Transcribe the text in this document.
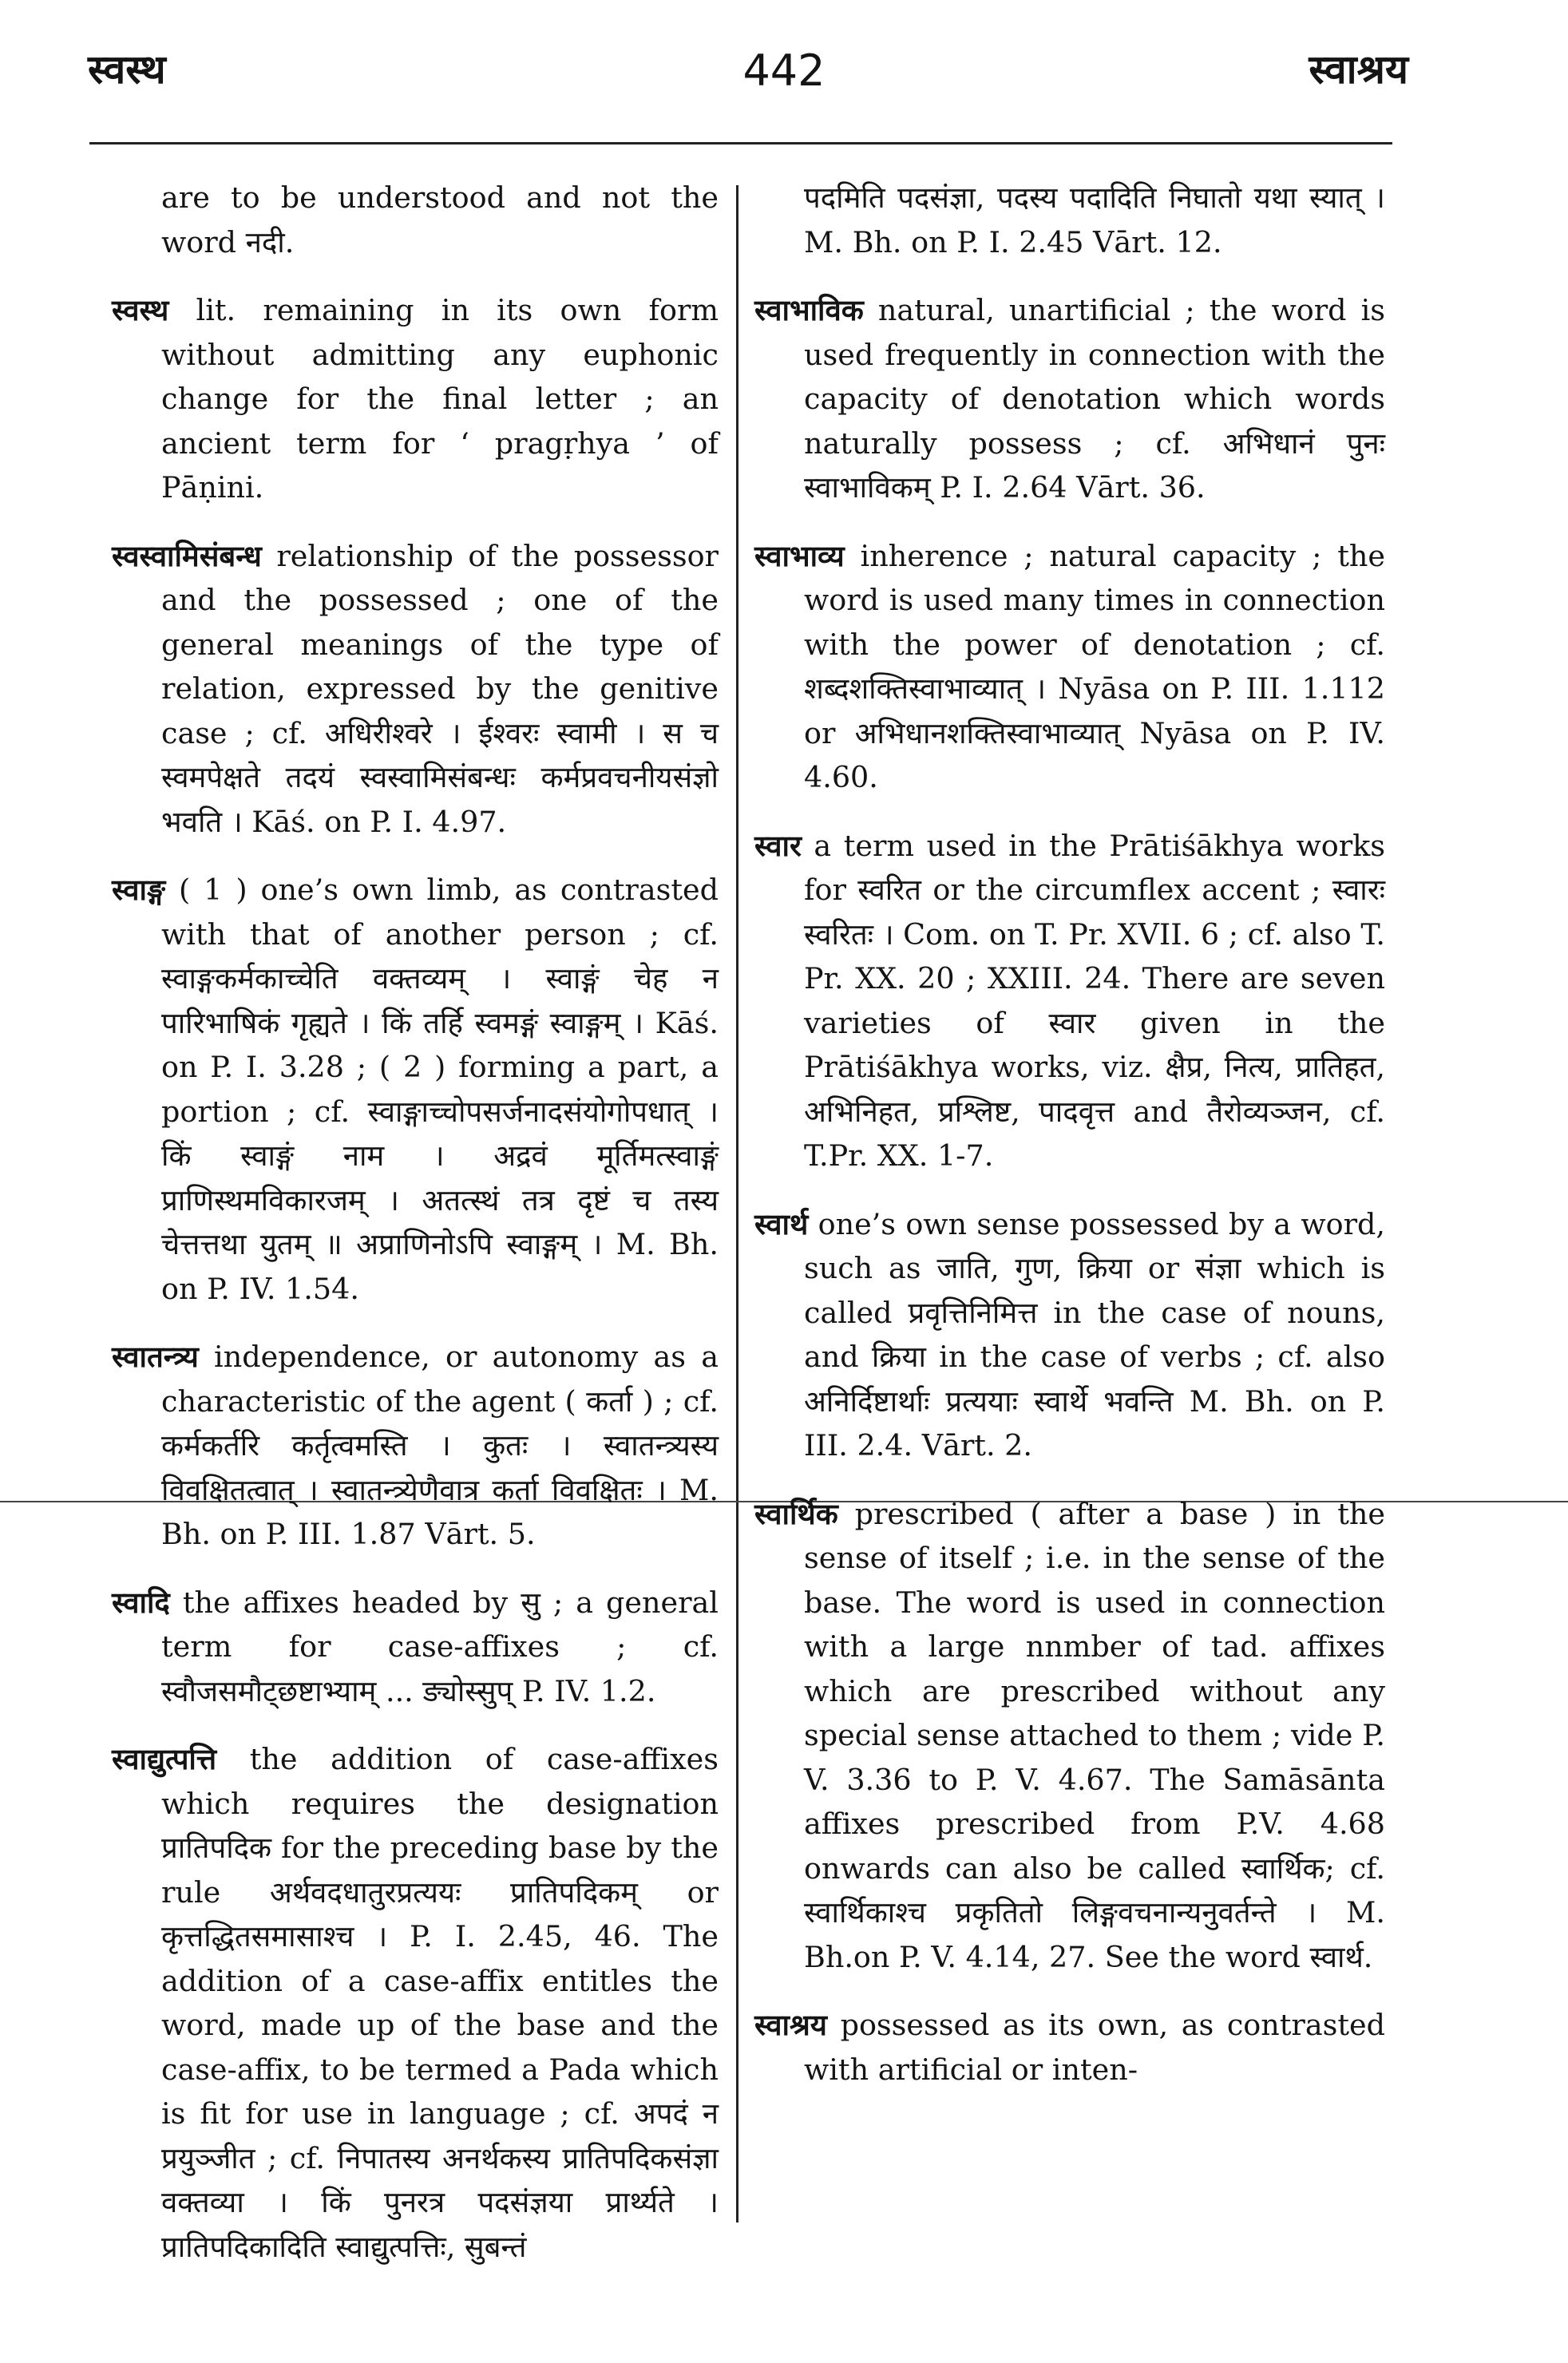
स्वस्थ	442	स्वाश्रय

are to be understood and not the word नदी.

स्वस्थ lit. remaining in its own form without admitting any euphonic change for the final letter ; an ancient term for ‘ pragṛhya ’ of Pāṇini.

स्वस्वामिसंबन्ध relationship of the possessor and the possessed ; one of the general meanings of the type of relation, expressed by the genitive case ; cf. अधिरीश्वरे । ईश्वरः स्वामी । स च स्वमपेक्षते तदयं स्वस्वामिसंबन्धः कर्मप्रवचनीयसंज्ञो भवति । Kāś. on P. I. 4.97.

स्वाङ्ग ( 1 ) one’s own limb, as contrasted with that of another person ; cf. स्वाङ्गकर्मकाच्चेति वक्तव्यम् । स्वाङ्गं चेह न पारिभाषिकं गृह्यते । किं तर्हि स्वमङ्गं स्वाङ्गम् । Kāś. on P. I. 3.28 ; ( 2 ) forming a part, a portion ; cf. स्वाङ्गाच्चोपसर्जनादसंयोगोपधात् । किं स्वाङ्गं नाम । अद्रवं मूर्तिमत्स्वाङ्गं प्राणिस्थमविकारजम् । अतत्स्थं तत्र दृष्टं च तस्य चेत्तत्तथा युतम् ॥ अप्राणिनोऽपि स्वाङ्गम् । M. Bh. on P. IV. 1.54.

स्वातन्त्र्य independence, or autonomy as a characteristic of the agent ( कर्ता ) ; cf. कर्मकर्तरि कर्तृत्वमस्ति । कुतः । स्वातन्त्र्यस्य विवक्षितत्वात् । स्वातन्त्र्येणैवात्र कर्ता विवक्षितः । M. Bh. on P. III. 1.87 Vārt. 5.

स्वादि the affixes headed by सु ; a general term for case-affixes ; cf. स्वौजसमौट्छष्टाभ्याम् ... ङ्योस्सुप् P. IV. 1.2.

स्वाद्युत्पत्ति the addition of case-affixes which requires the designation प्रातिपदिक for the preceding base by the rule अर्थवदधातुरप्रत्ययः प्रातिपदिकम् or कृत्तद्धितसमासाश्च । P. I. 2.45, 46. The addition of a case-affix entitles the word, made up of the base and the case-affix, to be termed a Pada which is fit for use in language ; cf. अपदं न प्रयुञ्जीत ; cf. निपातस्य अनर्थकस्य प्रातिपदिकसंज्ञा वक्तव्या । किं पुनरत्र पदसंज्ञया प्रार्थ्यते । प्रातिपदिकादिति स्वाद्युत्पत्तिः, सुबन्तं

पदमिति पदसंज्ञा, पदस्य पदादिति निघातो यथा स्यात् । M. Bh. on P. I. 2.45 Vārt. 12.

स्वाभाविक natural, unartificial ; the word is used frequently in connection with the capacity of denotation which words naturally possess ; cf. अभिधानं पुनः स्वाभाविकम् P. I. 2.64 Vārt. 36.

स्वाभाव्य inherence ; natural capacity ; the word is used many times in connection with the power of denotation ; cf. शब्दशक्तिस्वाभाव्यात् । Nyāsa on P. III. 1.112 or अभिधानशक्तिस्वाभाव्यात् Nyāsa on P. IV. 4.60.

स्वार a term used in the Prātiśākhya works for स्वरित or the circumflex accent ; स्वारः स्वरितः । Com. on T. Pr. XVII. 6 ; cf. also T. Pr. XX. 20 ; XXIII. 24. There are seven varieties of स्वार given in the Prātiśākhya works, viz. क्षैप्र, नित्य, प्रातिहत, अभिनिहत, प्रश्लिष्ट, पादवृत्त and तैरोव्यञ्जन, cf. T.Pr. XX. 1-7.

स्वार्थ one’s own sense possessed by a word, such as जाति, गुण, क्रिया or संज्ञा which is called प्रवृत्तिनिमित्त in the case of nouns, and क्रिया in the case of verbs ; cf. also अनिर्दिष्टार्थाः प्रत्ययाः स्वार्थे भवन्ति M. Bh. on P. III. 2.4. Vārt. 2.

स्वार्थिक prescribed ( after a base ) in the sense of itself ; i.e. in the sense of the base. The word is used in connection with a large nnmber of tad. affixes which are prescribed without any special sense attached to them ; vide P. V. 3.36 to P. V. 4.67. The Samāsānta affixes prescribed from P.V. 4.68 onwards can also be called स्वार्थिक; cf. स्वार्थिकाश्च प्रकृतितो लिङ्गवचनान्यनुवर्तन्ते । M. Bh.on P. V. 4.14, 27. See the word स्वार्थ.

स्वाश्रय possessed as its own, as contrasted with artificial or inten-
